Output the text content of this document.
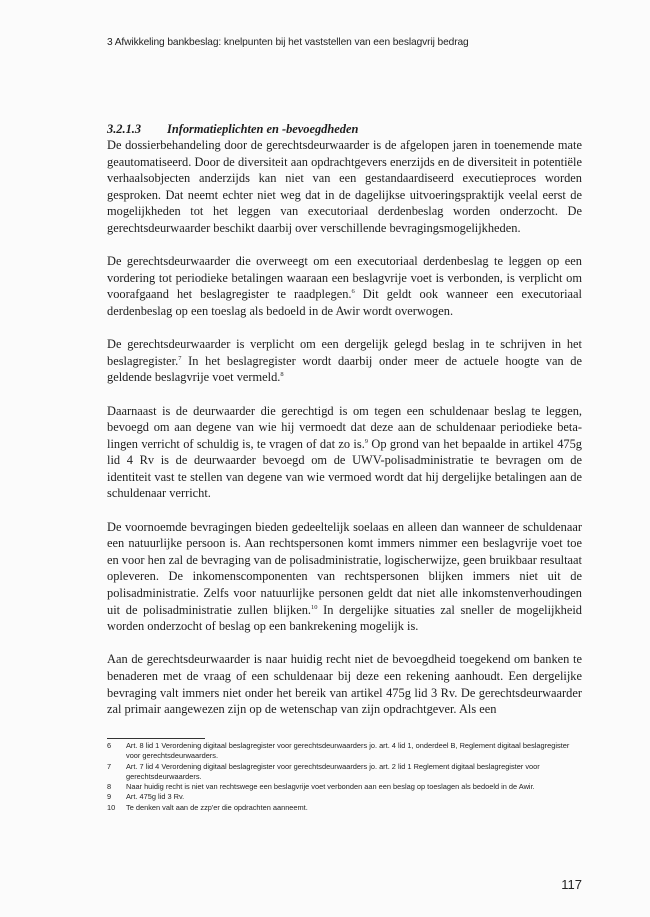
3 Afwikkeling bankbeslag: knelpunten bij het vaststellen van een beslagvrij bedrag
3.2.1.3 Informatieplichten en -bevoegdheden

De dossierbehandeling door de gerechtsdeurwaarder is de afgelopen jaren in toenemende mate geautomatiseerd. Door de diversiteit aan opdrachtgevers enerzijds en de diversiteit in potentiële verhaalsobjecten anderzijds kan niet van een gestandaardiseerd executieproces worden gesproken. Dat neemt echter niet weg dat in de dagelijkse uitvoeringspraktijk veelal eerst de mogelijkheden tot het leggen van executoriaal derdenbeslag worden onderzocht. De gerechtsdeurwaarder beschikt daarbij over verschillende bevragingsmogelijkheden.

De gerechtsdeurwaarder die overweegt om een executoriaal derdenbeslag te leggen op een vordering tot periodieke betalingen waaraan een beslagvrije voet is verbonden, is verplicht om voorafgaand het beslagregister te raadplegen.$^6$ Dit geldt ook wanneer een executoriaal derdenbeslag op een toeslag als bedoeld in de Awir wordt overwogen.

De gerechtsdeurwaarder is verplicht om een dergelijk gelegd beslag in te schrijven in het beslagregister.$^7$ In het beslagregister wordt daarbij onder meer de actuele hoogte van de geldende beslagvrije voet vermeld.$^8$

Daarnaast is de deurwaarder die gerechtigd is om tegen een schuldenaar beslag te leggen, bevoegd om aan degene van wie hij vermoedt dat deze aan de schuldenaar periodieke betalingen verricht of schuldig is, te vragen of dat zo is.$^9$ Op grond van het bepaalde in artikel 475g lid 4 Rv is de deurwaarder bevoegd om de UWV-polisadministratie te bevragen om de identiteit vast te stellen van degene van wie vermoed wordt dat hij dergelijke betalingen aan de schuldenaar verricht.

De voornoemde bevragingen bieden gedeeltelijk soelaas en alleen dan wanneer de schuldenaar een natuurlijke persoon is. Aan rechtspersonen komt immers nimmer een beslagvrije voet toe en voor hen zal de bevraging van de polisadministratie, logischerwijze, geen bruikbaar resultaat opleveren. De inkomenscomponenten van rechtspersonen blijken immers niet uit de polisadministratie. Zelfs voor natuurlijke personen geldt dat niet alle inkomstenverhoudingen uit de polisadministratie zullen blijken.$^{10}$ In dergelijke situaties zal sneller de mogelijkheid worden onderzocht of beslag op een bankrekening mogelijk is.

Aan de gerechtsdeurwaarder is naar huidig recht niet de bevoegdheid toegekend om banken te benaderen met de vraag of een schuldenaar bij deze een rekening aanhoudt. Een dergelijke bevraging valt immers niet onder het bereik van artikel 475g lid 3 Rv. De gerechtsdeurwaarder zal primair aangewezen zijn op de wetenschap van zijn opdrachtgever. Als een

6	Art. 8 lid 1 Verordening digitaal beslagregister voor gerechtsdeurwaarders jo. art. 4 lid 1, onderdeel B, Reglement digitaal beslagregister voor gerechtsdeurwaarders.
7	Art. 7 lid 4 Verordening digitaal beslagregister voor gerechtsdeurwaarders jo. art. 2 lid 1 Reglement digitaal beslagregister voor gerechtsdeurwaarders.
8	Naar huidig recht is niet van rechtswege een beslagvrije voet verbonden aan een beslag op toeslagen als bedoeld in de Awir.
9	Art. 475g lid 3 Rv.
10	Te denken valt aan de zzp'er die opdrachten aanneemt.
117
